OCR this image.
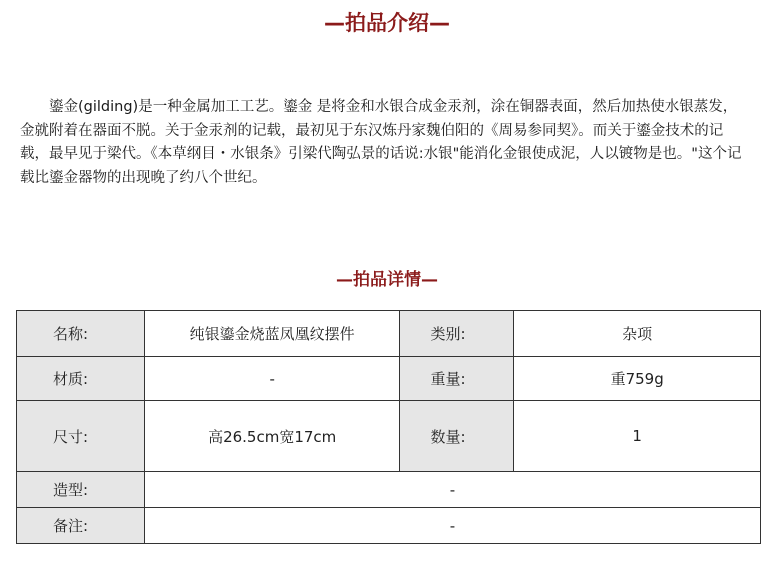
—拍品介绍—

鎏金(gilding)是一种金属加工工艺。鎏金 是将金和水银合成金汞剂，涂在铜器表面，然后加热使水银蒸发，金就附着在器面不脱。关于金汞剂的记载，最初见于东汉炼丹家魏伯阳的《周易参同契》。而关于鎏金技术的记载，最早见于梁代。《本草纲目・水银条》引梁代陶弘景的话说:水银"能消化金银使成泥，人以镀物是也。"这个记载比鎏金器物的出现晚了约八个世纪。

—拍品详情—
名称:	纯银鎏金烧蓝凤凰纹摆件	类别:	杂项
材质:	-	重量:	重759g
尺寸:	高26.5cm宽17cm	数量:	1
造型:	-		
备注:	-		
